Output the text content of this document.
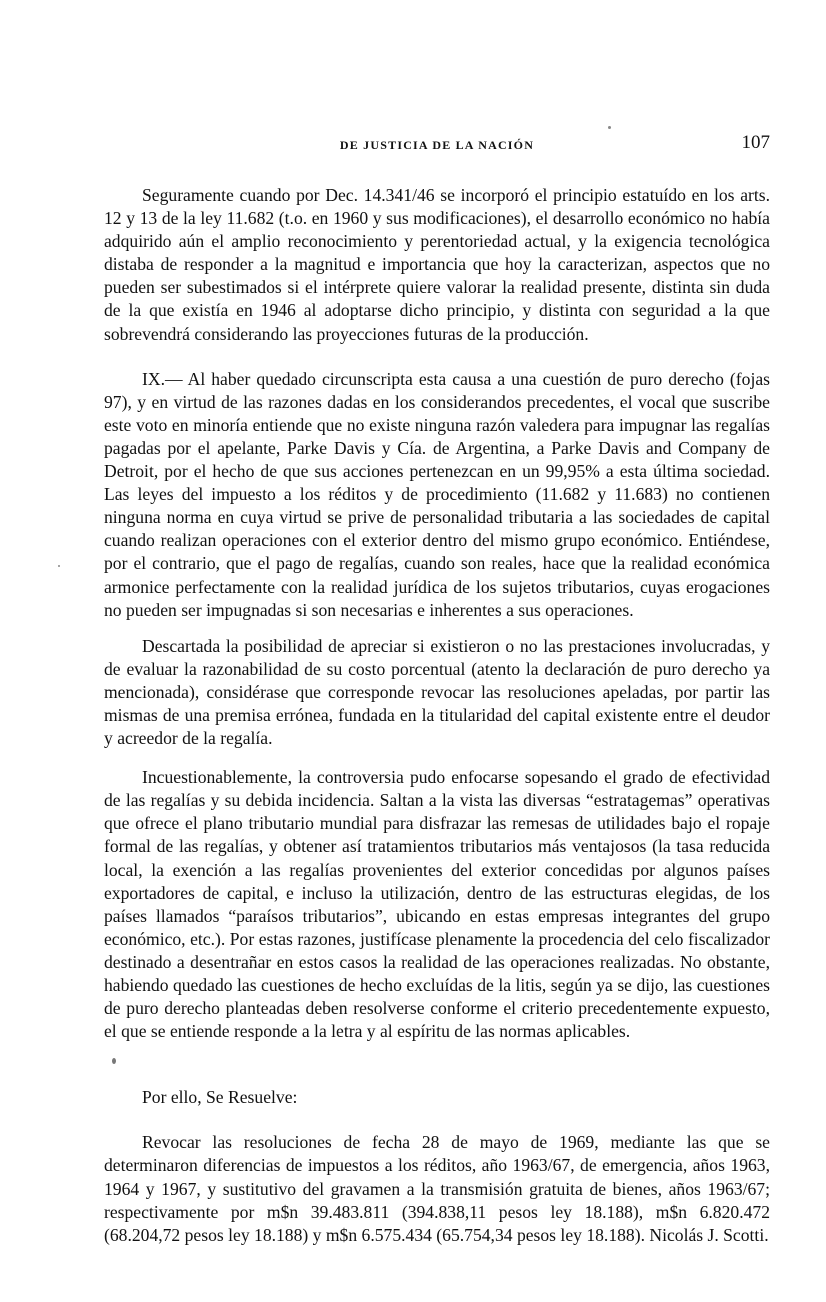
DE JUSTICIA DE LA NACIÓN	107

Seguramente cuando por Dec. 14.341/46 se incorporó el principio estatuído en los arts. 12 y 13 de la ley 11.682 (t.o. en 1960 y sus modificaciones), el desarrollo económico no había adquirido aún el amplio reconocimiento y perentoriedad actual, y la exigencia tecnológica distaba de responder a la magnitud e importancia que hoy la caracterizan, aspectos que no pueden ser subestimados si el intérprete quiere valorar la realidad presente, distinta sin duda de la que existía en 1946 al adoptarse dicho principio, y distinta con seguridad a la que sobrevendrá considerando las proyecciones futuras de la producción.

IX.— Al haber quedado circunscripta esta causa a una cuestión de puro derecho (fojas 97), y en virtud de las razones dadas en los considerandos precedentes, el vocal que suscribe este voto en minoría entiende que no existe ninguna razón valedera para impugnar las regalías pagadas por el apelante, Parke Davis y Cía. de Argentina, a Parke Davis and Company de Detroit, por el hecho de que sus acciones pertenezcan en un 99,95% a esta última sociedad. Las leyes del impuesto a los réditos y de procedimiento (11.682 y 11.683) no contienen ninguna norma en cuya virtud se prive de personalidad tributaria a las sociedades de capital cuando realizan operaciones con el exterior dentro del mismo grupo económico. Entiéndese, por el contrario, que el pago de regalías, cuando son reales, hace que la realidad económica armonice perfectamente con la realidad jurídica de los sujetos tributarios, cuyas erogaciones no pueden ser impugnadas si son necesarias e inherentes a sus operaciones.

Descartada la posibilidad de apreciar si existieron o no las prestaciones involucradas, y de evaluar la razonabilidad de su costo porcentual (atento la declaración de puro derecho ya mencionada), considérase que corresponde revocar las resoluciones apeladas, por partir las mismas de una premisa errónea, fundada en la titularidad del capital existente entre el deudor y acreedor de la regalía.

Incuestionablemente, la controversia pudo enfocarse sopesando el grado de efectividad de las regalías y su debida incidencia. Saltan a la vista las diversas “estratagemas” operativas que ofrece el plano tributario mundial para disfrazar las remesas de utilidades bajo el ropaje formal de las regalías, y obtener así tratamientos tributarios más ventajosos (la tasa reducida local, la exención a las regalías provenientes del exterior concedidas por algunos países exportadores de capital, e incluso la utilización, dentro de las estructuras elegidas, de los países llamados “paraísos tributarios”, ubicando en estas empresas integrantes del grupo económico, etc.). Por estas razones, justifícase plenamente la procedencia del celo fiscalizador destinado a desentrañar en estos casos la realidad de las operaciones realizadas. No obstante, habiendo quedado las cuestiones de hecho excluídas de la litis, según ya se dijo, las cuestiones de puro derecho planteadas deben resolverse conforme el criterio precedentemente expuesto, el que se entiende responde a la letra y al espíritu de las normas aplicables.

Por ello, Se Resuelve:

Revocar las resoluciones de fecha 28 de mayo de 1969, mediante las que se determinaron diferencias de impuestos a los réditos, año 1963/67, de emergencia, años 1963, 1964 y 1967, y sustitutivo del gravamen a la transmisión gratuita de bienes, años 1963/67; respectivamente por m$n 39.483.811 (394.838,11 pesos ley 18.188), m$n 6.820.472 (68.204,72 pesos ley 18.188) y m$n 6.575.434 (65.754,34 pesos ley 18.188). Nicolás J. Scotti.
